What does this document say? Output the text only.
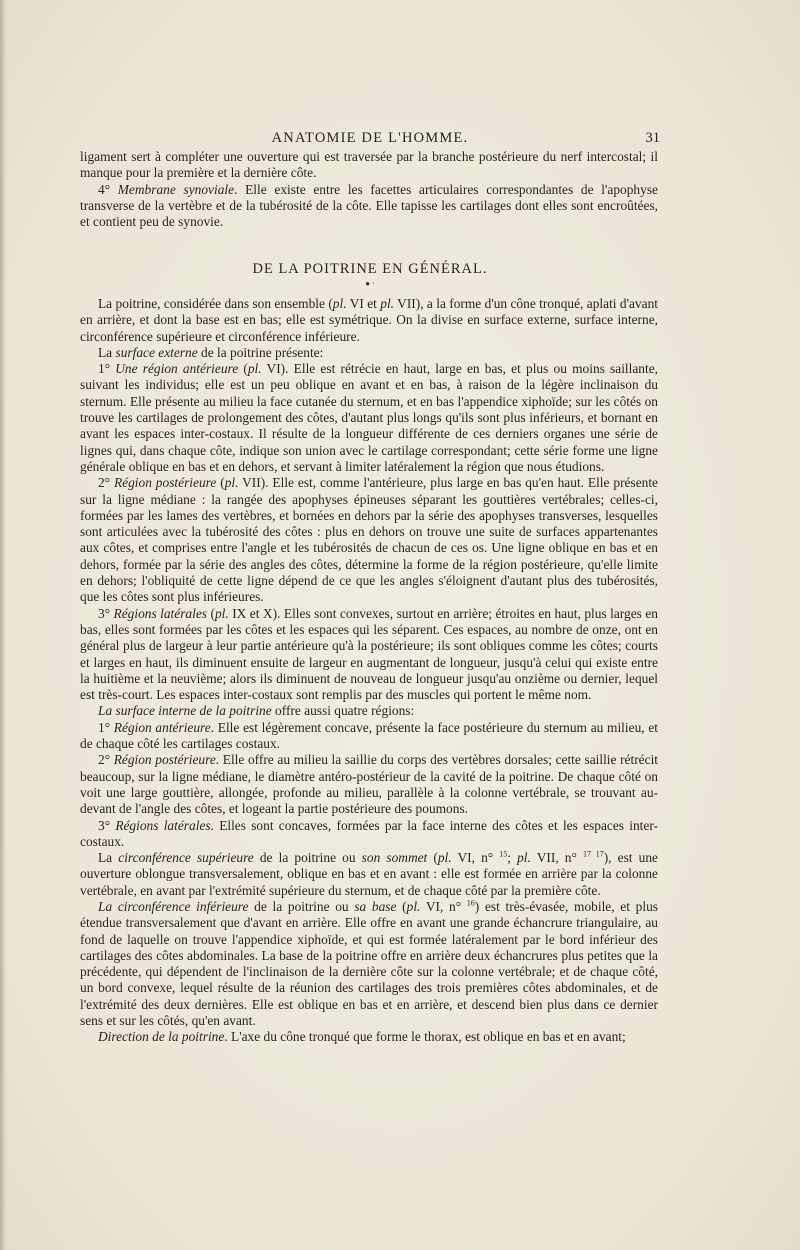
ANATOMIE DE L'HOMME.	31

ligament sert à compléter une ouverture qui est traversée par la branche postérieure du nerf intercostal; il manque pour la première et la dernière côte.

4° Membrane synoviale. Elle existe entre les facettes articulaires correspondantes de l'apophyse transverse de la vertèbre et de la tubérosité de la côte. Elle tapisse les cartilages dont elles sont encroûtées, et contient peu de synovie.

DE LA POITRINE EN GÉNÉRAL.
● ·

La poitrine, considérée dans son ensemble (pl. VI et pl. VII), a la forme d'un cône tronqué, aplati d'avant en arrière, et dont la base est en bas; elle est symétrique. On la divise en surface externe, surface interne, circonférence supérieure et circonférence inférieure.

La surface externe de la poitrine présente:

1° Une région antérieure (pl. VI). Elle est rétrécie en haut, large en bas, et plus ou moins saillante, suivant les individus; elle est un peu oblique en avant et en bas, à raison de la légère inclinaison du sternum. Elle présente au milieu la face cutanée du sternum, et en bas l'appendice xiphoïde; sur les côtés on trouve les cartilages de prolongement des côtes, d'autant plus longs qu'ils sont plus inférieurs, et bornant en avant les espaces inter-costaux. Il résulte de la longueur différente de ces derniers organes une série de lignes qui, dans chaque côte, indique son union avec le cartilage correspondant; cette série forme une ligne générale oblique en bas et en dehors, et servant à limiter latéralement la région que nous étudions.

2° Région postérieure (pl. VII). Elle est, comme l'antérieure, plus large en bas qu'en haut. Elle présente sur la ligne médiane : la rangée des apophyses épineuses séparant les gouttières vertébrales; celles-ci, formées par les lames des vertèbres, et bornées en dehors par la série des apophyses transverses, lesquelles sont articulées avec la tubérosité des côtes : plus en dehors on trouve une suite de surfaces appartenantes aux côtes, et comprises entre l'angle et les tubérosités de chacun de ces os. Une ligne oblique en bas et en dehors, formée par la série des angles des côtes, détermine la forme de la région postérieure, qu'elle limite en dehors; l'obliquité de cette ligne dépend de ce que les angles s'éloignent d'autant plus des tubérosités, que les côtes sont plus inférieures.

3° Régions latérales (pl. IX et X). Elles sont convexes, surtout en arrière; étroites en haut, plus larges en bas, elles sont formées par les côtes et les espaces qui les séparent. Ces espaces, au nombre de onze, ont en général plus de largeur à leur partie antérieure qu'à la postérieure; ils sont obliques comme les côtes; courts et larges en haut, ils diminuent ensuite de largeur en augmentant de longueur, jusqu'à celui qui existe entre la huitième et la neuvième; alors ils diminuent de nouveau de longueur jusqu'au onzième ou dernier, lequel est très-court. Les espaces inter-costaux sont remplis par des muscles qui portent le même nom.

La surface interne de la poitrine offre aussi quatre régions:

1° Région antérieure. Elle est légèrement concave, présente la face postérieure du sternum au milieu, et de chaque côté les cartilages costaux.

2° Région postérieure. Elle offre au milieu la saillie du corps des vertèbres dorsales; cette saillie rétrécit beaucoup, sur la ligne médiane, le diamètre antéro-postérieur de la cavité de la poitrine. De chaque côté on voit une large gouttière, allongée, profonde au milieu, parallèle à la colonne vertébrale, se trouvant au-devant de l'angle des côtes, et logeant la partie postérieure des poumons.

3° Régions latérales. Elles sont concaves, formées par la face interne des côtes et les espaces inter-costaux.

La circonférence supérieure de la poitrine ou son sommet (pl. VI, n° $^{15}$; pl. VII, n° $^{17 17}$), est une ouverture oblongue transversalement, oblique en bas et en avant : elle est formée en arrière par la colonne vertébrale, en avant par l'extrémité supérieure du sternum, et de chaque côté par la première côte.

La circonférence inférieure de la poitrine ou sa base (pl. VI, n° $^{16}$) est très-évasée, mobile, et plus étendue transversalement que d'avant en arrière. Elle offre en avant une grande échancrure triangulaire, au fond de laquelle on trouve l'appendice xiphoïde, et qui est formée latéralement par le bord inférieur des cartilages des côtes abdominales. La base de la poitrine offre en arrière deux échancrures plus petites que la précédente, qui dépendent de l'inclinaison de la dernière côte sur la colonne vertébrale; et de chaque côté, un bord convexe, lequel résulte de la réunion des cartilages des trois premières côtes abdominales, et de l'extrémité des deux dernières. Elle est oblique en bas et en arrière, et descend bien plus dans ce dernier sens et sur les côtés, qu'en avant.

Direction de la poitrine. L'axe du cône tronqué que forme le thorax, est oblique en bas et en avant;
